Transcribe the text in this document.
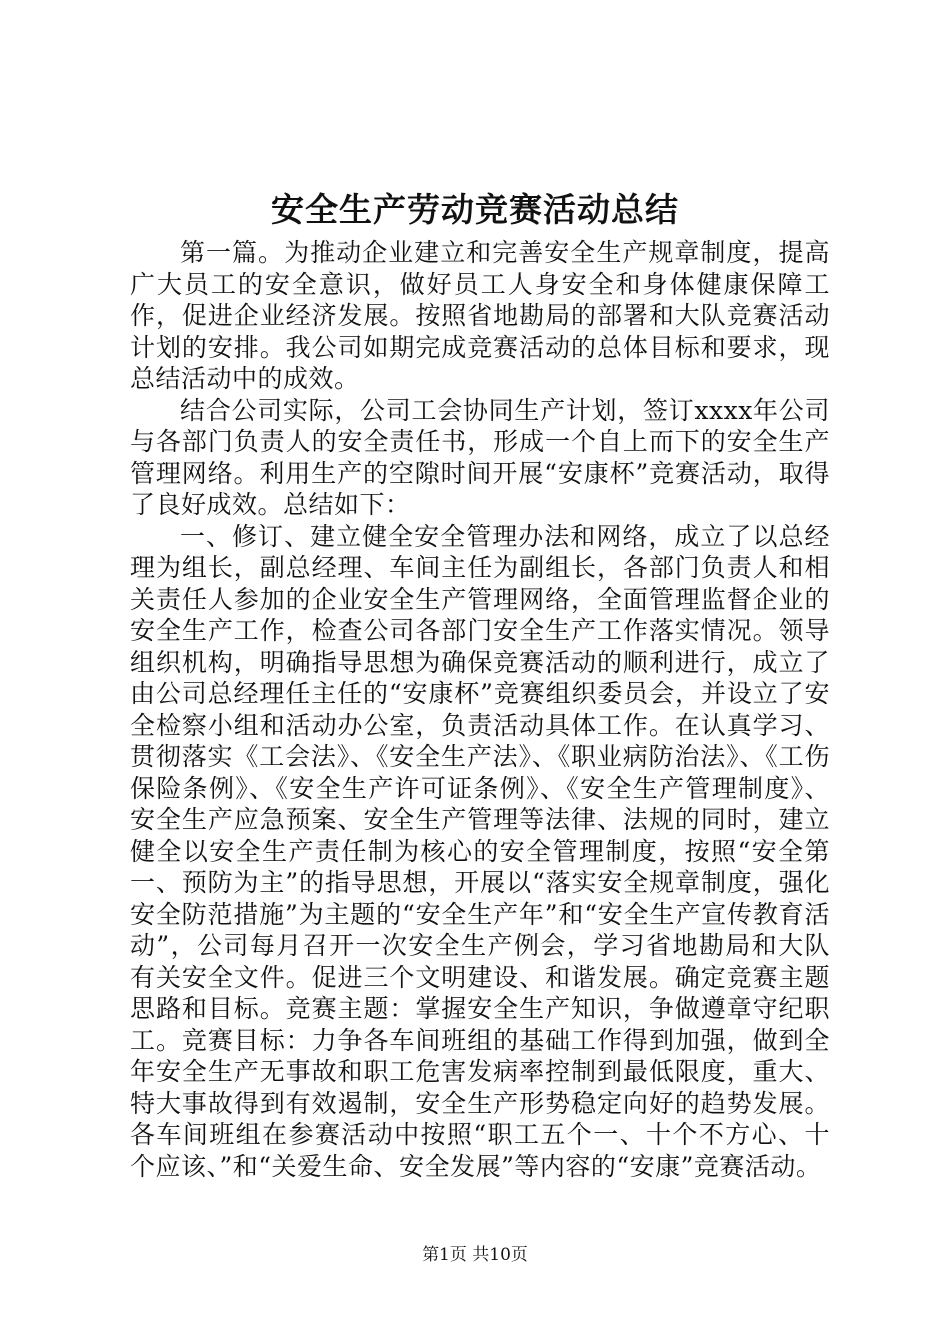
安全生产劳动竞赛活动总结

第一篇。为推动企业建立和完善安全生产规章制度，提高广大员工的安全意识，做好员工人身安全和身体健康保障工作，促进企业经济发展。按照省地勘局的部署和大队竞赛活动计划的安排。我公司如期完成竞赛活动的总体目标和要求，现总结活动中的成效。

结合公司实际，公司工会协同生产计划，签订xxxx年公司与各部门负责人的安全责任书，形成一个自上而下的安全生产管理网络。利用生产的空隙时间开展“安康杯”竞赛活动，取得了良好成效。总结如下：

一、修订、建立健全安全管理办法和网络，成立了以总经理为组长，副总经理、车间主任为副组长，各部门负责人和相关责任人参加的企业安全生产管理网络，全面管理监督企业的安全生产工作，检查公司各部门安全生产工作落实情况。领导组织机构，明确指导思想为确保竞赛活动的顺利进行，成立了由公司总经理任主任的“安康杯”竞赛组织委员会，并设立了安全检察小组和活动办公室，负责活动具体工作。在认真学习、贯彻落实《工会法》、《安全生产法》、《职业病防治法》、《工伤保险条例》、《安全生产许可证条例》、《安全生产管理制度》、安全生产应急预案、安全生产管理等法律、法规的同时，建立健全以安全生产责任制为核心的安全管理制度，按照“安全第一、预防为主”的指导思想，开展以“落实安全规章制度，强化安全防范措施”为主题的“安全生产年”和“安全生产宣传教育活动”，公司每月召开一次安全生产例会，学习省地勘局和大队有关安全文件。促进三个文明建设、和谐发展。确定竞赛主题思路和目标。竞赛主题：掌握安全生产知识，争做遵章守纪职工。竞赛目标：力争各车间班组的基础工作得到加强，做到全年安全生产无事故和职工危害发病率控制到最低限度，重大、特大事故得到有效遏制，安全生产形势稳定向好的趋势发展。各车间班组在参赛活动中按照“职工五个一、十个不方心、十个应该、”和“关爱生命、安全发展”等内容的“安康”竞赛活动。

第1页 共10页
